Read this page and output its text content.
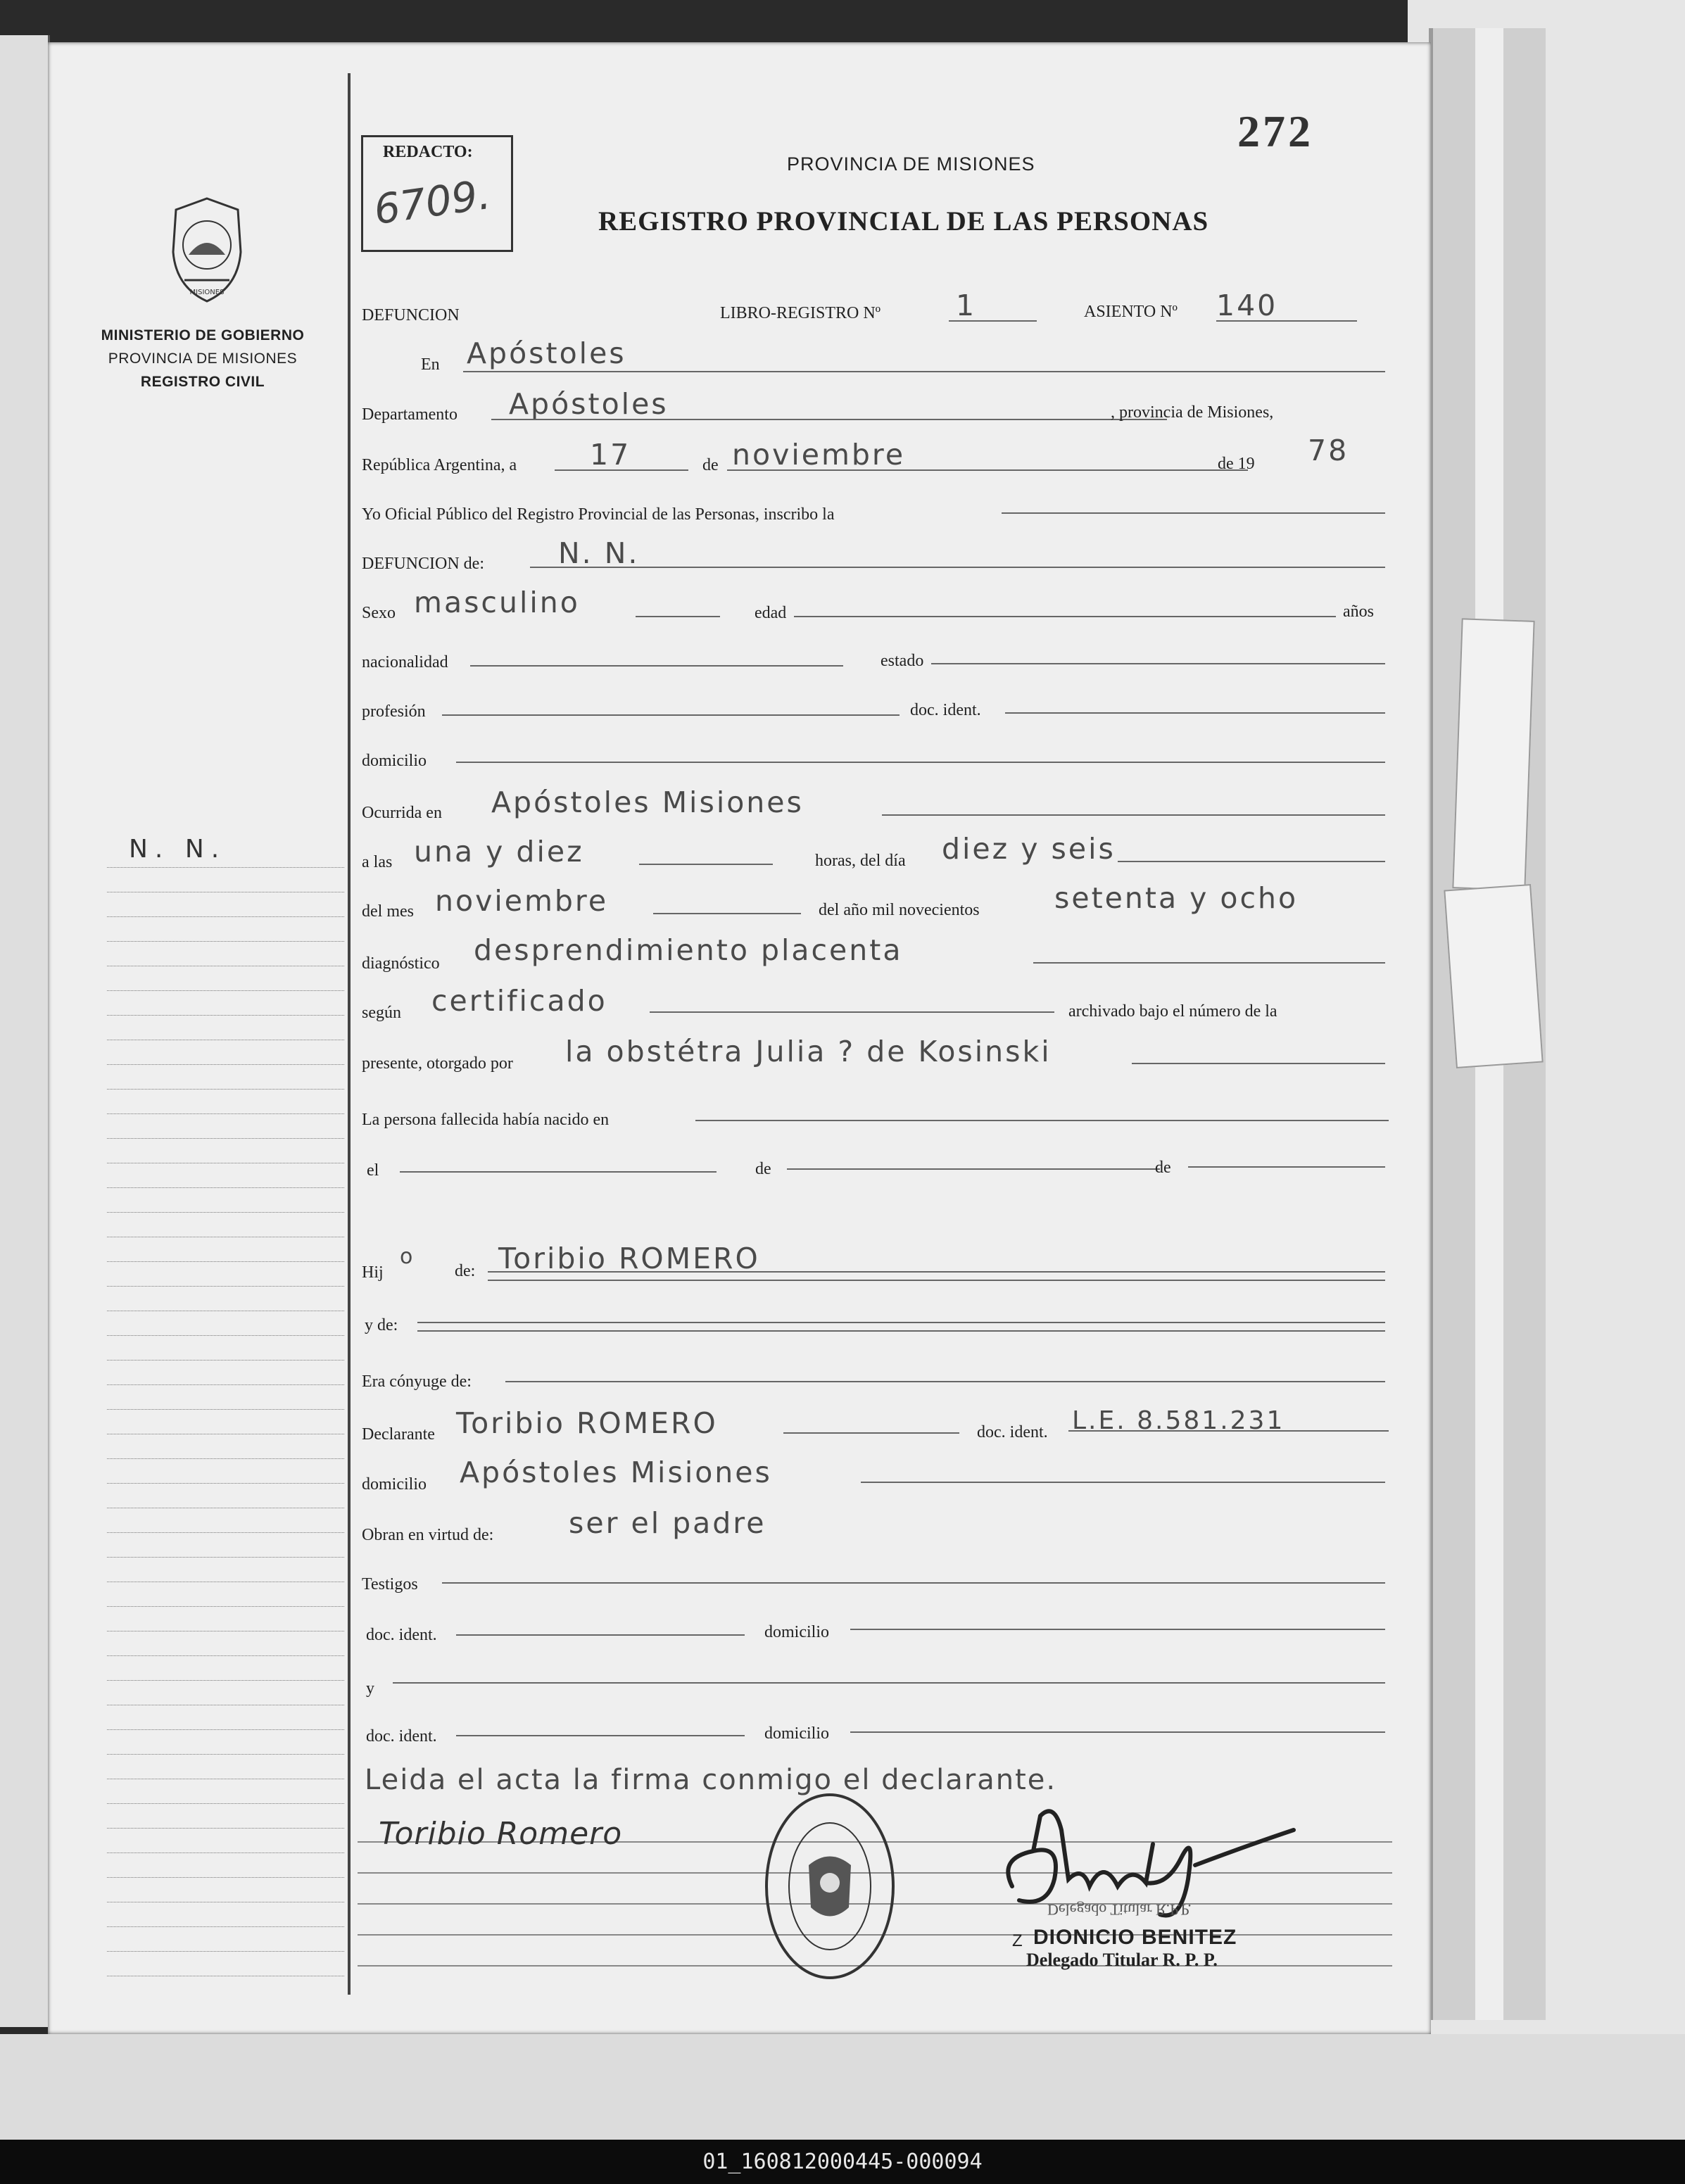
01_160812000445-000094
MISIONES
MINISTERIO DE GOBIERNO
PROVINCIA DE MISIONES
REGISTRO CIVIL
N. N.
REDACTO:
6709.
272
PROVINCIA DE MISIONES
REGISTRO PROVINCIAL DE LAS PERSONAS
DEFUNCION	LIBRO-REGISTRO Nº	1	ASIENTO Nº 140
En Apóstoles
Departamento Apóstoles	, provincia de Misiones,
República Argentina, a	17	de noviembre	de 19 78
Yo Oficial Público del Registro Provincial de las Personas, inscribo la
DEFUNCION de:	N. N.
Sexo masculino	edad	años
nacionalidad	estado
profesión	doc. ident.
domicilio
Ocurrida en Apóstoles Misiones
a las una y diez	horas, del día diez y seis
del mes noviembre	del año mil novecientos	setenta y ocho
diagnóstico desprendimiento placenta
según certificado	archivado bajo el número de la
presente, otorgado por la obstétra Julia ? de Kosinski
La persona fallecida había nacido en
el	de	de
Hij
o
de: Toribio ROMERO
y de:
Era cónyuge de:
Declarante Toribio ROMERO	doc. ident. L.E. 8.581.231
domicilio Apóstoles Misiones
Obran en virtud de:	ser el padre
Testigos
doc. ident.	domicilio
y
doc. ident.	domicilio
Leida el acta la firma conmigo el declarante.
Toribio Romero
Delegado Titular R.P.P.
Z DIONICIO BENITEZ
Delegado Titular R. P. P.
